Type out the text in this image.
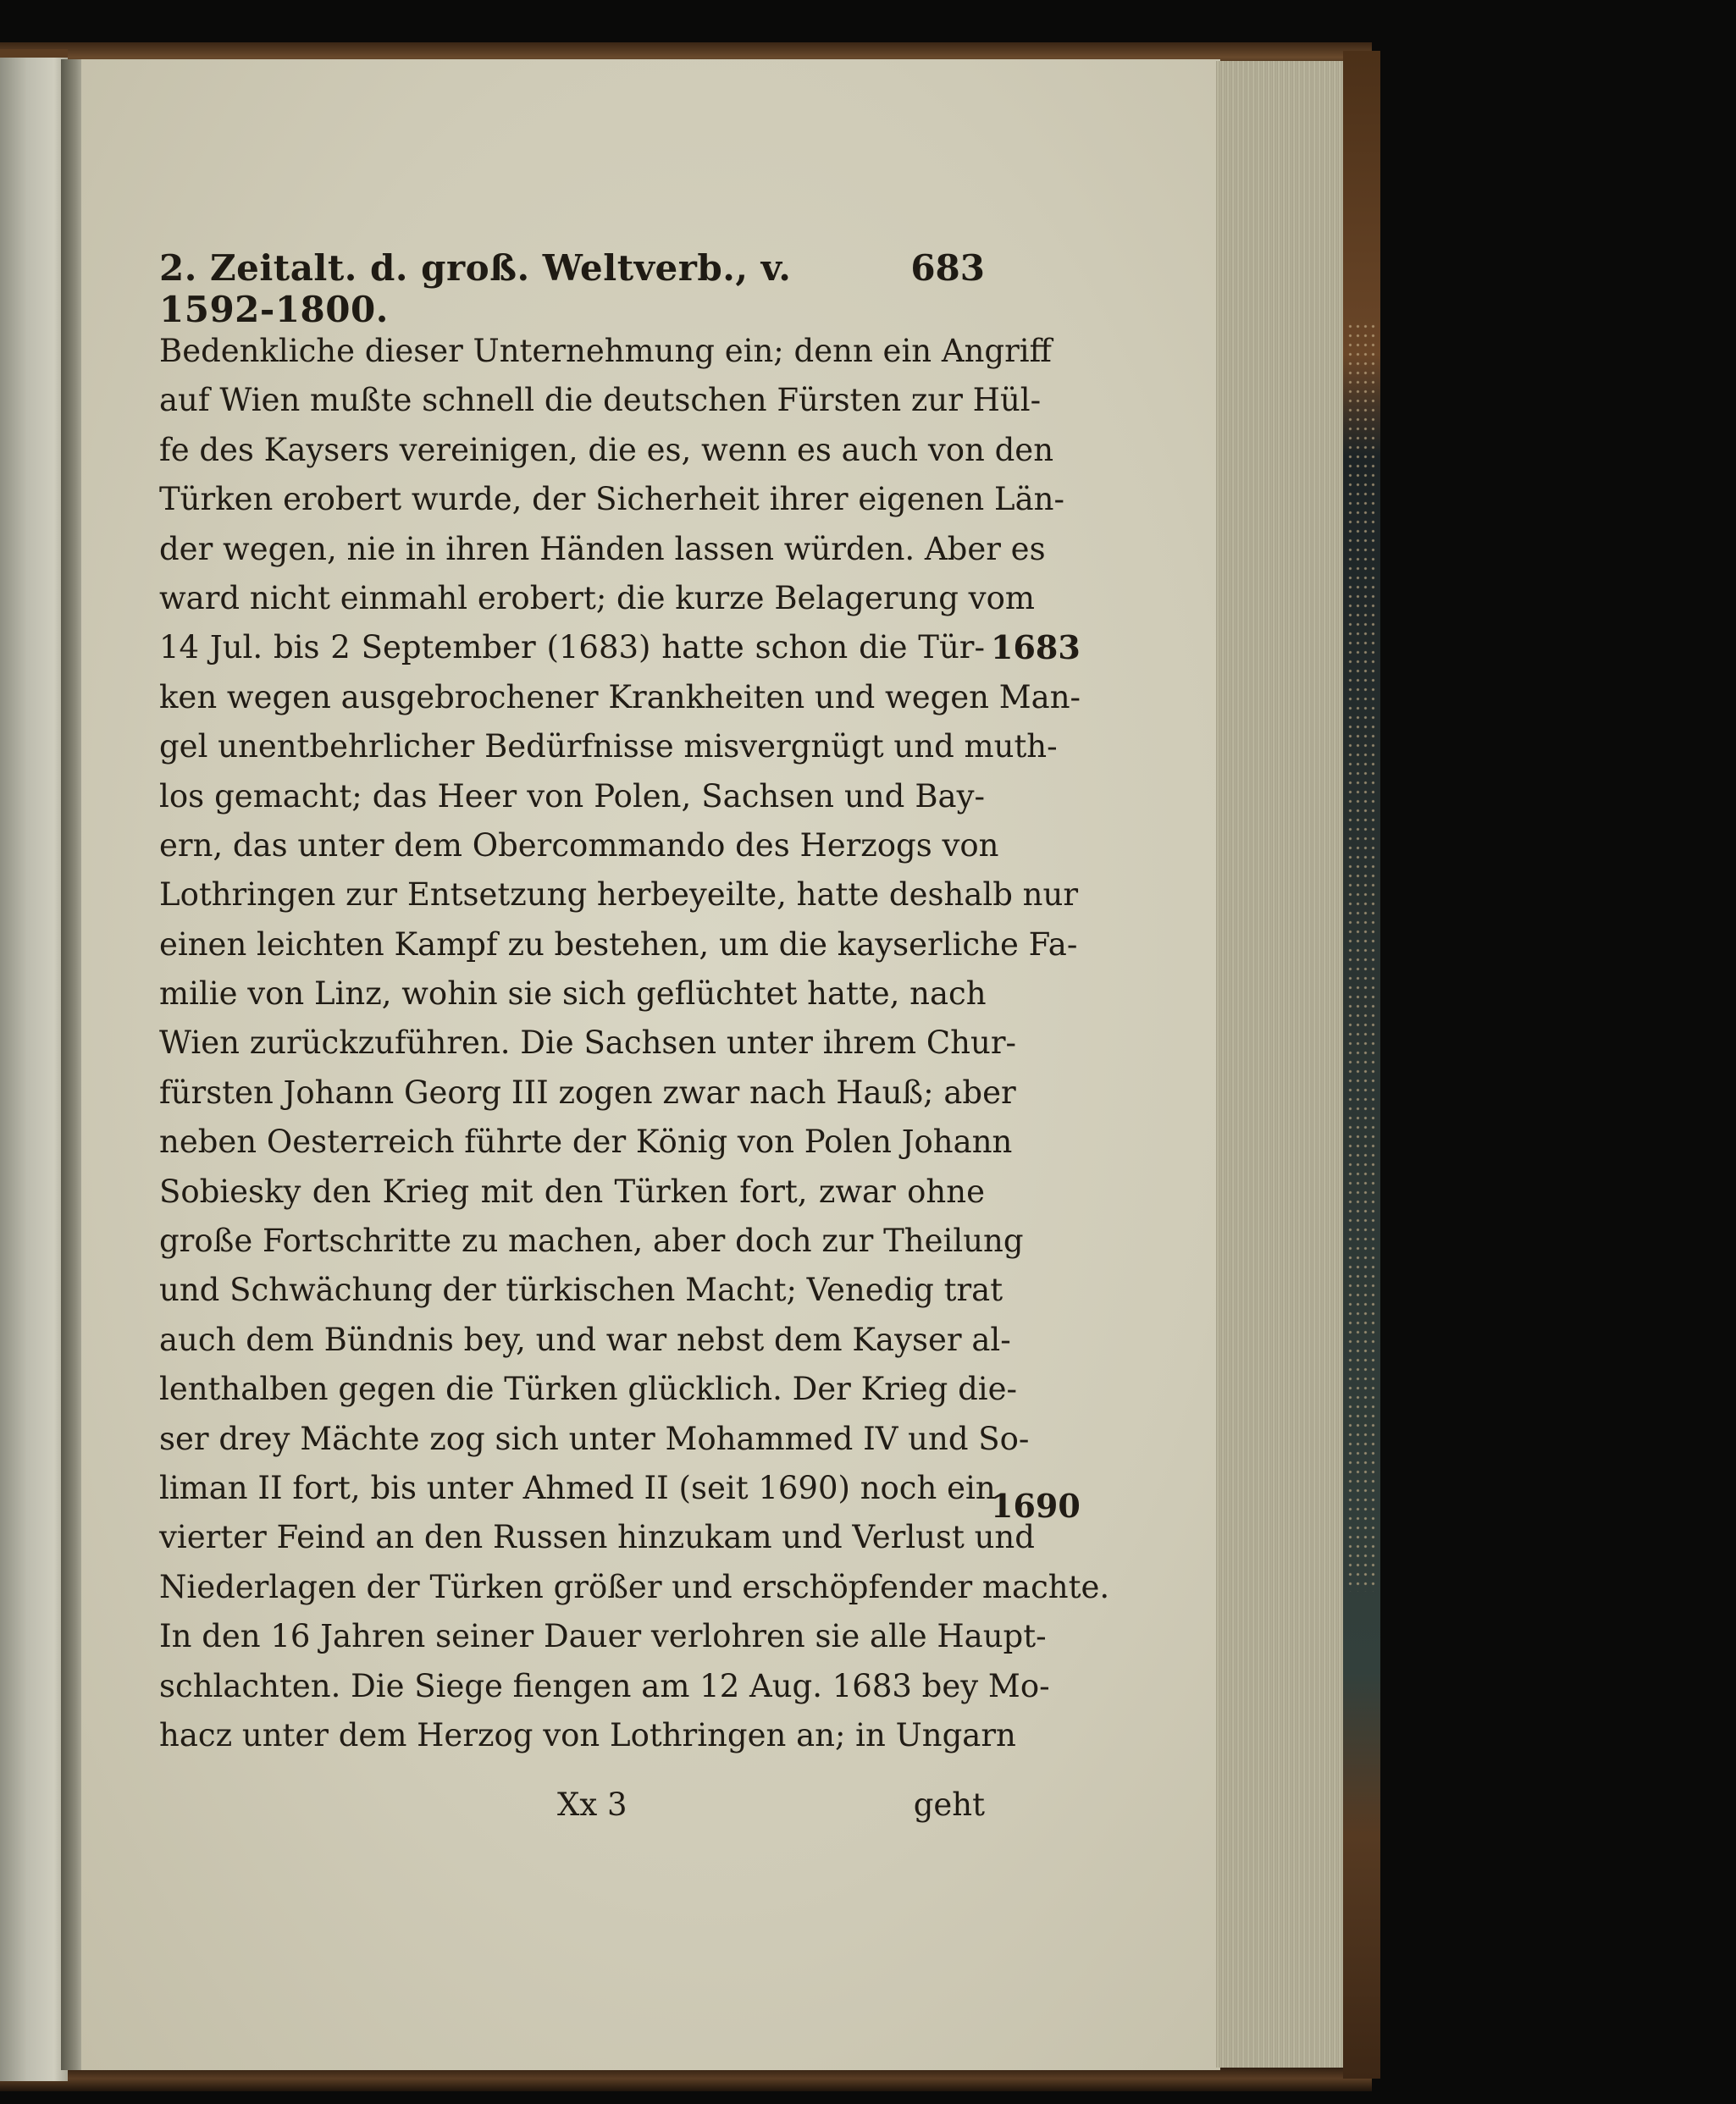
2. Zeitalt. d. groß. Weltverb., v. 1592-1800.
683
Bedenkliche dieser Unternehmung ein; denn ein Angriff
auf Wien mußte schnell die deutschen Fürsten zur Hül-
fe des Kaysers vereinigen, die es, wenn es auch von den
Türken erobert wurde, der Sicherheit ihrer eigenen Län-
der wegen, nie in ihren Händen lassen würden. Aber es
ward nicht einmahl erobert; die kurze Belagerung vom
14 Jul. bis 2 September (1683) hatte schon die Tür-
ken wegen ausgebrochener Krankheiten und wegen Man-
gel unentbehrlicher Bedürfnisse misvergnügt und muth-
los gemacht; das Heer von Polen, Sachsen und Bay-
ern, das unter dem Obercommando des Herzogs von
Lothringen zur Entsetzung herbeyeilte, hatte deshalb nur
einen leichten Kampf zu bestehen, um die kayserliche Fa-
milie von Linz, wohin sie sich geflüchtet hatte, nach
Wien zurückzuführen. Die Sachsen unter ihrem Chur-
fürsten Johann Georg III zogen zwar nach Hauß; aber
neben Oesterreich führte der König von Polen Johann
Sobiesky den Krieg mit den Türken fort, zwar ohne
große Fortschritte zu machen, aber doch zur Theilung
und Schwächung der türkischen Macht; Venedig trat
auch dem Bündnis bey, und war nebst dem Kayser al-
lenthalben gegen die Türken glücklich. Der Krieg die-
ser drey Mächte zog sich unter Mohammed IV und So-
liman II fort, bis unter Ahmed II (seit 1690) noch ein
vierter Feind an den Russen hinzukam und Verlust und
Niederlagen der Türken größer und erschöpfender machte.
In den 16 Jahren seiner Dauer verlohren sie alle Haupt-
schlachten. Die Siege fiengen am 12 Aug. 1683 bey Mo-
hacz unter dem Herzog von Lothringen an; in Ungarn
1683
1690
Xx 3	geht
